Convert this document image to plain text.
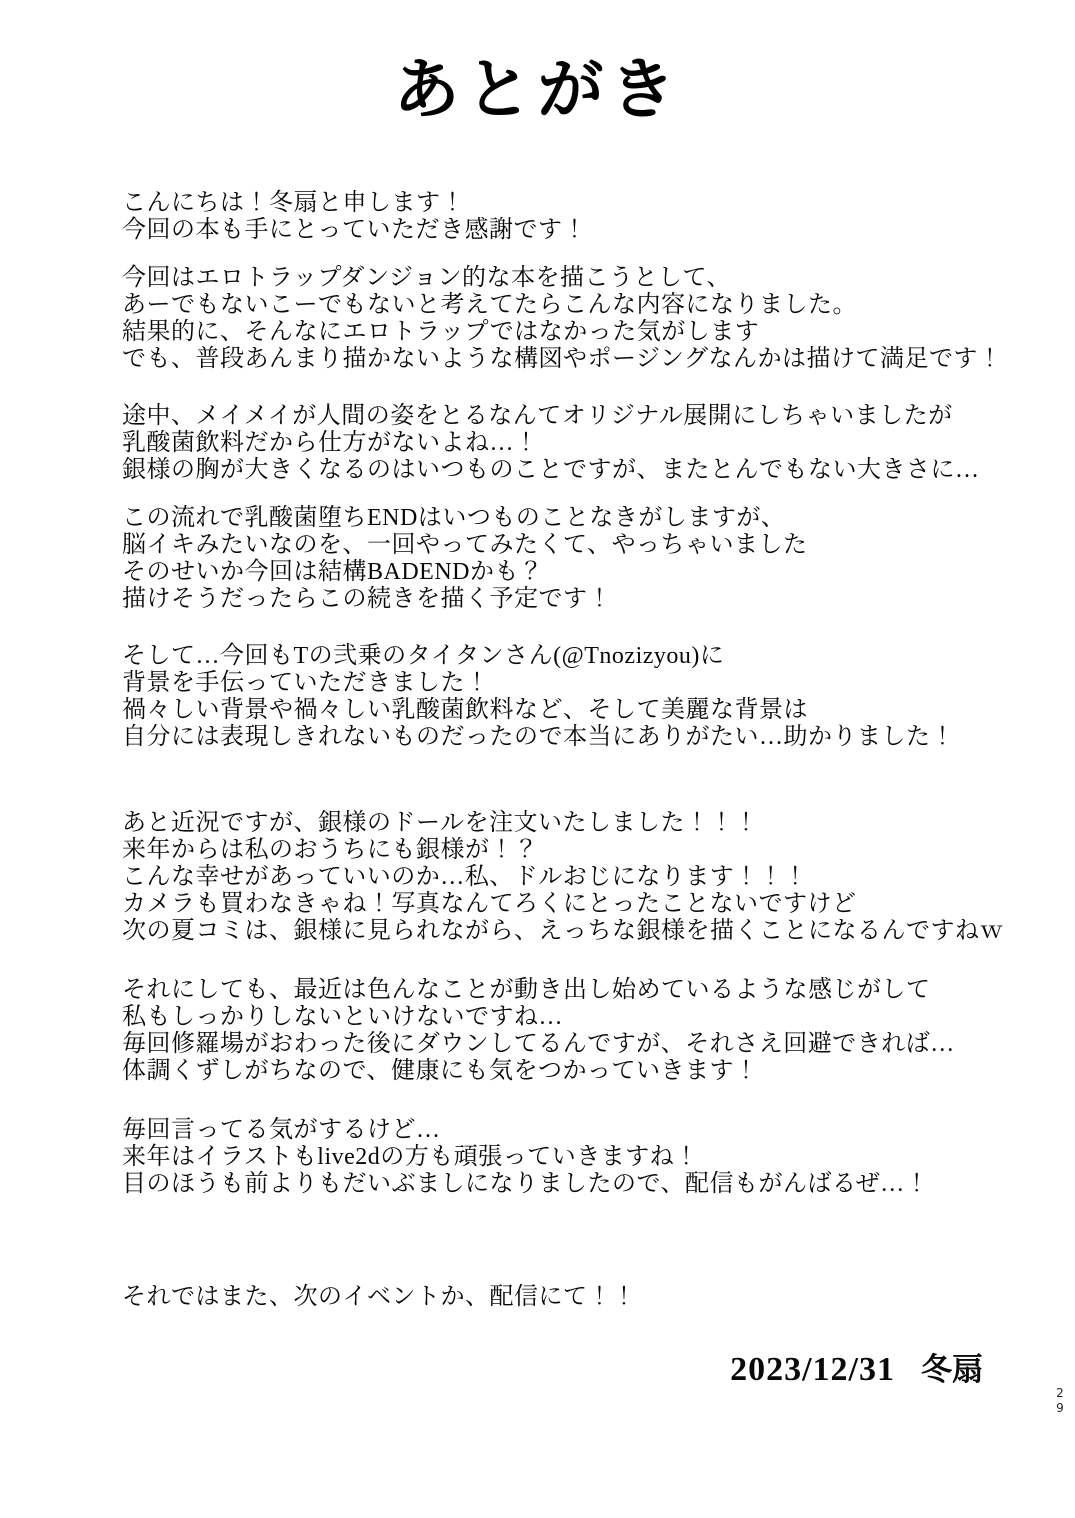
あとがき
こんにちは！冬扇と申します！
今回の本も手にとっていただき感謝です！
今回はエロトラップダンジョン的な本を描こうとして、
あーでもないこーでもないと考えてたらこんな内容になりました。
結果的に、そんなにエロトラップではなかった気がします
でも、普段あんまり描かないような構図やポージングなんかは描けて満足です！
途中、メイメイが人間の姿をとるなんてオリジナル展開にしちゃいましたが
乳酸菌飲料だから仕方がないよね…！
銀様の胸が大きくなるのはいつものことですが、またとんでもない大きさに…
この流れで乳酸菌堕ちENDはいつものことなきがしますが、
脳イキみたいなのを、一回やってみたくて、やっちゃいました
そのせいか今回は結構BADENDかも？
描けそうだったらこの続きを描く予定です！
そして…今回もTの弐乗のタイタンさん(@Tnozizyou)に
背景を手伝っていただきました！
禍々しい背景や禍々しい乳酸菌飲料など、そして美麗な背景は
自分には表現しきれないものだったので本当にありがたい…助かりました！
あと近況ですが、銀様のドールを注文いたしました！！！
来年からは私のおうちにも銀様が！？
こんな幸せがあっていいのか…私、ドルおじになります！！！
カメラも買わなきゃね！写真なんてろくにとったことないですけど
次の夏コミは、銀様に見られながら、えっちな銀様を描くことになるんですねｗ
それにしても、最近は色んなことが動き出し始めているような感じがして
私もしっかりしないといけないですね…
毎回修羅場がおわった後にダウンしてるんですが、それさえ回避できれば…
体調くずしがちなので、健康にも気をつかっていきます！
毎回言ってる気がするけど…
来年はイラストもlive2dの方も頑張っていきますね！
目のほうも前よりもだいぶましになりましたので、配信もがんばるぜ…！
それではまた、次のイベントか、配信にて！！
2023/12/31 冬扇
29
